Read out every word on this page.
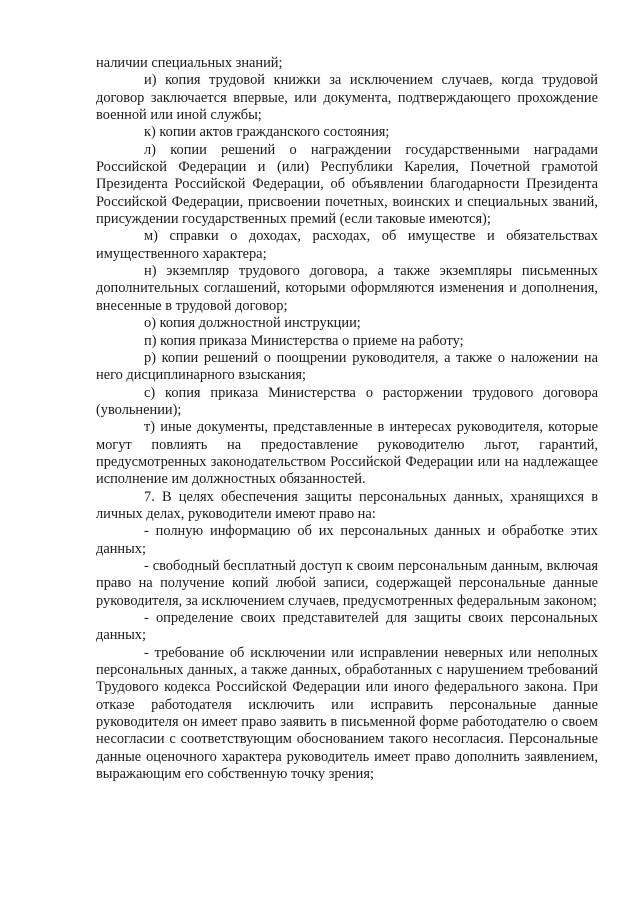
наличии специальных знаний;

и) копия трудовой книжки за исключением случаев, когда трудовой договор заключается впервые, или документа, подтверждающего прохождение военной или иной службы;

к) копии актов гражданского состояния;

л) копии решений о награждении государственными наградами Российской Федерации и (или) Республики Карелия, Почетной грамотой Президента Российской Федерации, об объявлении благодарности Президента Российской Федерации, присвоении почетных, воинских и специальных званий, присуждении государственных премий (если таковые имеются);

м) справки о доходах, расходах, об имуществе и обязательствах имущественного характера;

н) экземпляр трудового договора, а также экземпляры письменных дополнительных соглашений, которыми оформляются изменения и дополнения, внесенные в трудовой договор;

о) копия должностной инструкции;

п) копия приказа Министерства о приеме на работу;

р) копии решений о поощрении руководителя, а также о наложении на него дисциплинарного взыскания;

с) копия приказа Министерства о расторжении трудового договора (увольнении);

т) иные документы, представленные в интересах руководителя, которые могут повлиять на предоставление руководителю льгот, гарантий, предусмотренных законодательством Российской Федерации или на надлежащее исполнение им должностных обязанностей.

7. В целях обеспечения защиты персональных данных, хранящихся в личных делах, руководители имеют право на:

- полную информацию об их персональных данных и обработке этих данных;

- свободный бесплатный доступ к своим персональным данным, включая право на получение копий любой записи, содержащей персональные данные руководителя, за исключением случаев, предусмотренных федеральным законом;

- определение своих представителей для защиты своих персональных данных;

- требование об исключении или исправлении неверных или неполных персональных данных, а также данных, обработанных с нарушением требований Трудового кодекса Российской Федерации или иного федерального закона. При отказе работодателя исключить или исправить персональные данные руководителя он имеет право заявить в письменной форме работодателю о своем несогласии с соответствующим обоснованием такого несогласия. Персональные данные оценочного характера руководитель имеет право дополнить заявлением, выражающим его собственную точку зрения;
